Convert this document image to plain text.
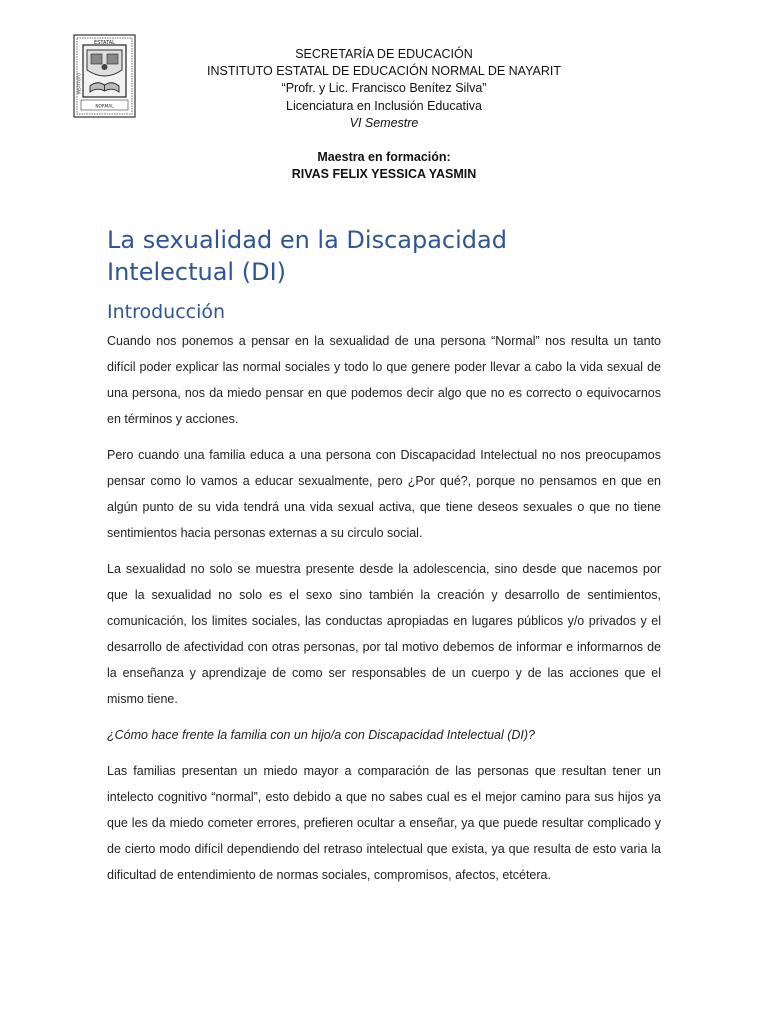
ESTATAL
INSTITUTO
NORMAL
SECRETARÍA DE EDUCACIÓN
INSTITUTO ESTATAL DE EDUCACIÓN NORMAL DE NAYARIT
“Profr. y Lic. Francisco Benítez Silva”
Licenciatura en Inclusión Educativa
VI Semestre
Maestra en formación:
RIVAS FELIX YESSICA YASMIN
La sexualidad en la Discapacidad
Intelectual (DI)
Introducción

Cuando nos ponemos a pensar en la sexualidad de una persona “Normal” nos resulta un tanto difícil poder explicar las normal sociales y todo lo que genere poder llevar a cabo la vida sexual de una persona, nos da miedo pensar en que podemos decir algo que no es correcto o equivocarnos en términos y acciones.

Pero cuando una familia educa a una persona con Discapacidad Intelectual no nos preocupamos pensar como lo vamos a educar sexualmente, pero ¿Por qué?, porque no pensamos en que en algún punto de su vida tendrá una vida sexual activa, que tiene deseos sexuales o que no tiene sentimientos hacia personas externas a su circulo social.

La sexualidad no solo se muestra presente desde la adolescencia, sino desde que nacemos por que la sexualidad no solo es el sexo sino también la creación y desarrollo de sentimientos, comunicación, los limites sociales, las conductas apropiadas en lugares públicos y/o privados y el desarrollo de afectividad con otras personas, por tal motivo debemos de informar e informarnos de la enseñanza y aprendizaje de como ser responsables de un cuerpo y de las acciones que el mismo tiene.

¿Cómo hace frente la familia con un hijo/a con Discapacidad Intelectual (DI)?

Las familias presentan un miedo mayor a comparación de las personas que resultan tener un intelecto cognitivo “normal”, esto debido a que no sabes cual es el mejor camino para sus hijos ya que les da miedo cometer errores, prefieren ocultar a enseñar, ya que puede resultar complicado y de cierto modo difícil dependiendo del retraso intelectual que exista, ya que resulta de esto varia la dificultad de entendimiento de normas sociales, compromisos, afectos, etcétera.
